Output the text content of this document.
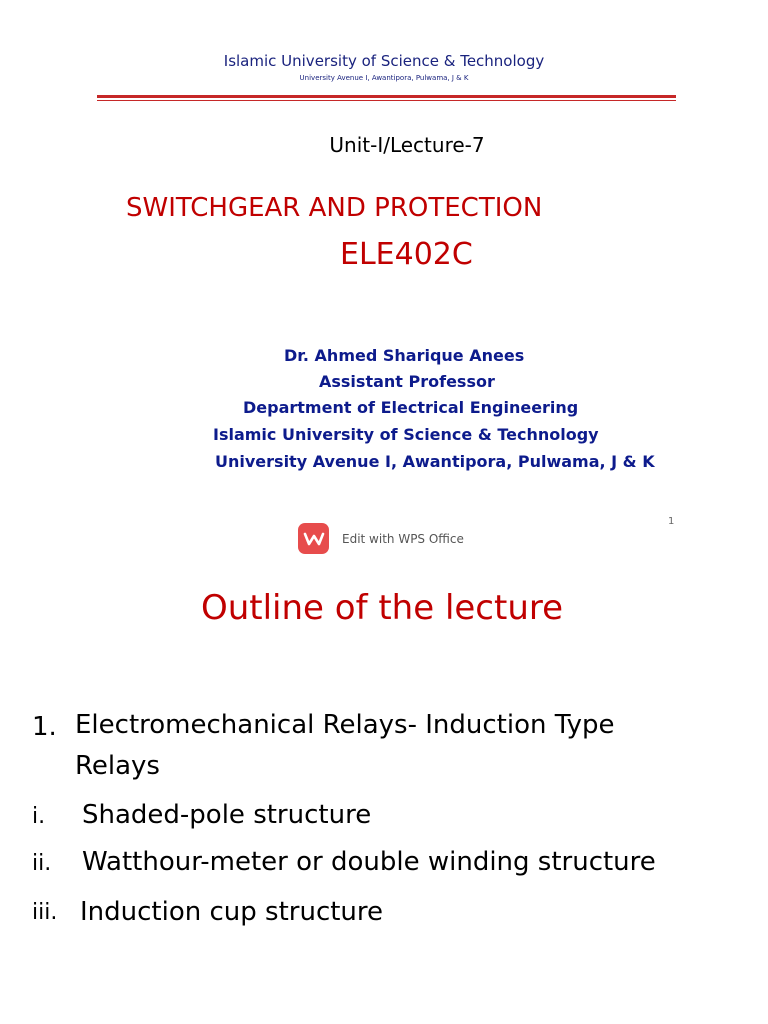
Islamic University of Science & Technology
University Avenue I, Awantipora, Pulwama, J & K
Unit-I/Lecture-7
SWITCHGEAR AND PROTECTION
ELE402C
Dr. Ahmed Sharique Anees
Assistant Professor
Department of Electrical Engineering
Islamic University of Science & Technology
University Avenue I, Awantipora, Pulwama, J & K
1
Edit with WPS Office
Outline of the lecture
1. Electromechanical Relays- Induction Type
Relays
i. Shaded-pole structure
ii. Watthour-meter or double winding structure
iii. Induction cup structure
